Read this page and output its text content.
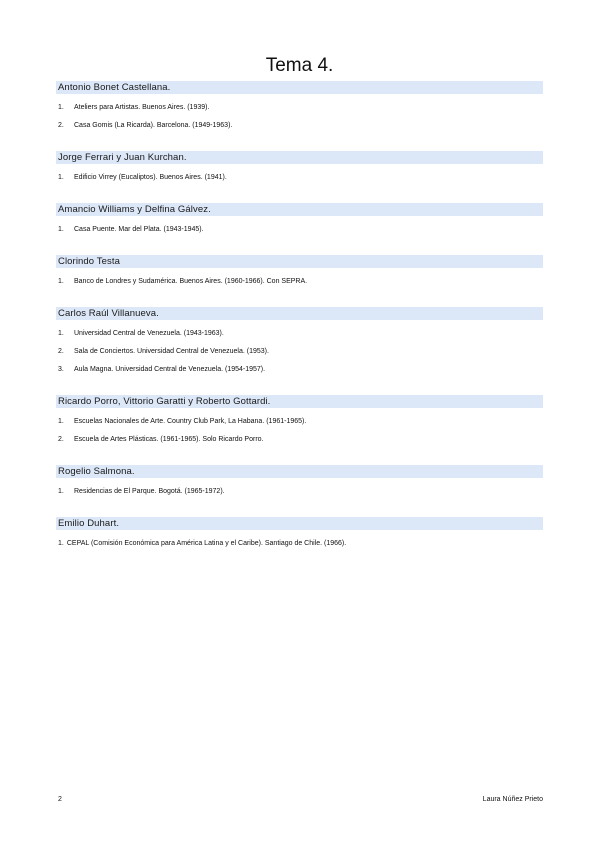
Tema 4.
Antonio Bonet Castellana.
1.	Ateliers para Artistas. Buenos Aires. (1939).
2.	Casa Gomis (La Ricarda). Barcelona. (1949-1963).
Jorge Ferrari y Juan Kurchan.
1.	Edificio Virrey (Eucaliptos). Buenos Aires. (1941).
Amancio Williams y Delfina Gálvez.
1.	Casa Puente. Mar del Plata. (1943-1945).
Clorindo Testa
1.	Banco de Londres y Sudamérica. Buenos Aires. (1960-1966). Con SEPRA.
Carlos Raúl Villanueva.
1.	Universidad Central de Venezuela. (1943-1963).
2.	Sala de Conciertos. Universidad Central de Venezuela. (1953).
3.	Aula Magna. Universidad Central de Venezuela. (1954-1957).
Ricardo Porro, Vittorio Garatti y Roberto Gottardi.
1.	Escuelas Nacionales de Arte. Country Club Park, La Habana. (1961-1965).
2.	Escuela de Artes Plásticas. (1961-1965). Solo Ricardo Porro.
Rogelio Salmona.
1.	Residencias de El Parque. Bogotá. (1965-1972).
Emilio Duhart.
1. CEPAL (Comisión Económica para América Latina y el Caribe). Santiago de Chile. (1966).
2	Laura Núñez Prieto
